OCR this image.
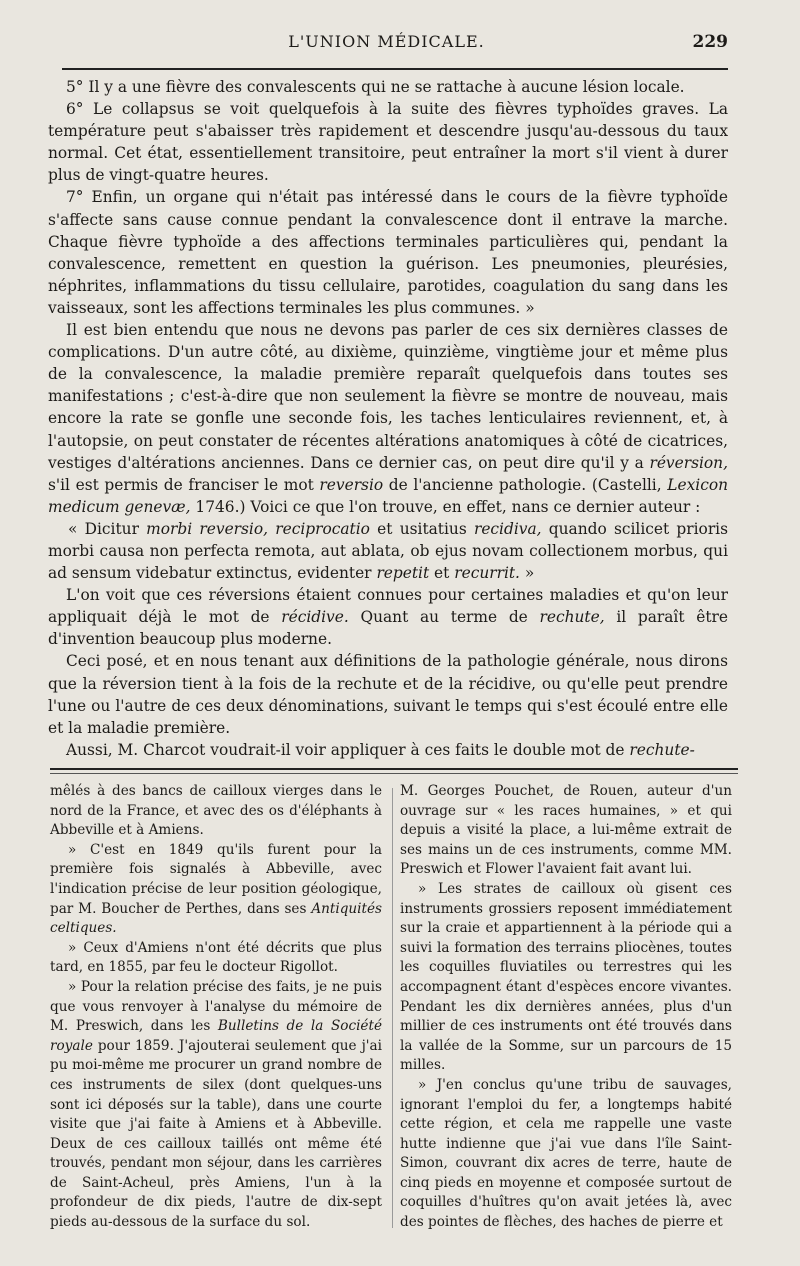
L'UNION MÉDICALE.	229

5° Il y a une fièvre des convalescents qui ne se rattache à aucune lésion locale.

6° Le collapsus se voit quelquefois à la suite des fièvres typhoïdes graves. La température peut s'abaisser très rapidement et descendre jusqu'au-dessous du taux normal. Cet état, essentiellement transitoire, peut entraîner la mort s'il vient à durer plus de vingt-quatre heures.

7° Enfin, un organe qui n'était pas intéressé dans le cours de la fièvre typhoïde s'affecte sans cause connue pendant la convalescence dont il entrave la marche. Chaque fièvre typhoïde a des affections terminales particulières qui, pendant la convalescence, remettent en question la guérison. Les pneumonies, pleurésies, néphrites, inflammations du tissu cellulaire, parotides, coagulation du sang dans les vaisseaux, sont les affections terminales les plus communes. »

Il est bien entendu que nous ne devons pas parler de ces six dernières classes de complications. D'un autre côté, au dixième, quinzième, vingtième jour et même plus de la convalescence, la maladie première reparaît quelquefois dans toutes ses manifestations ; c'est-à-dire que non seulement la fièvre se montre de nouveau, mais encore la rate se gonfle une seconde fois, les taches lenticulaires reviennent, et, à l'autopsie, on peut constater de récentes altérations anatomiques à côté de cicatrices, vestiges d'altérations anciennes. Dans ce dernier cas, on peut dire qu'il y a réversion, s'il est permis de franciser le mot reversio de l'ancienne pathologie. (Castelli, Lexicon medicum genevæ, 1746.) Voici ce que l'on trouve, en effet, nans ce dernier auteur :

« Dicitur morbi reversio, reciprocatio et usitatius recidiva, quando scilicet prioris morbi causa non perfecta remota, aut ablata, ob ejus novam collectionem morbus, qui ad sensum videbatur extinctus, evidenter repetit et recurrit. »

L'on voit que ces réversions étaient connues pour certaines maladies et qu'on leur appliquait déjà le mot de récidive. Quant au terme de rechute, il paraît être d'invention beaucoup plus moderne.

Ceci posé, et en nous tenant aux définitions de la pathologie générale, nous dirons que la réversion tient à la fois de la rechute et de la récidive, ou qu'elle peut prendre l'une ou l'autre de ces deux dénominations, suivant le temps qui s'est écoulé entre elle et la maladie première.

Aussi, M. Charcot voudrait-il voir appliquer à ces faits le double mot de rechute-

mêlés à des bancs de cailloux vierges dans le nord de la France, et avec des os d'éléphants à Abbeville et à Amiens.

» C'est en 1849 qu'ils furent pour la première fois signalés à Abbeville, avec l'indication précise de leur position géologique, par M. Boucher de Perthes, dans ses Antiquités celtiques.

» Ceux d'Amiens n'ont été décrits que plus tard, en 1855, par feu le docteur Rigollot.

» Pour la relation précise des faits, je ne puis que vous renvoyer à l'analyse du mémoire de M. Preswich, dans les Bulletins de la Société royale pour 1859. J'ajouterai seulement que j'ai pu moi-même me procurer un grand nombre de ces instruments de silex (dont quelques-uns sont ici déposés sur la table), dans une courte visite que j'ai faite à Amiens et à Abbeville. Deux de ces cailloux taillés ont même été trouvés, pendant mon séjour, dans les carrières de Saint-Acheul, près Amiens, l'un à la profondeur de dix pieds, l'autre de dix-sept pieds au-dessous de la surface du sol.

M. Georges Pouchet, de Rouen, auteur d'un ouvrage sur « les races humaines, » et qui depuis a visité la place, a lui-même extrait de ses mains un de ces instruments, comme MM. Preswich et Flower l'avaient fait avant lui.

» Les strates de cailloux où gisent ces instruments grossiers reposent immédiatement sur la craie et appartiennent à la période qui a suivi la formation des terrains pliocènes, toutes les coquilles fluviatiles ou terrestres qui les accompagnent étant d'espèces encore vivantes. Pendant les dix dernières années, plus d'un millier de ces instruments ont été trouvés dans la vallée de la Somme, sur un parcours de 15 milles.

» J'en conclus qu'une tribu de sauvages, ignorant l'emploi du fer, a longtemps habité cette région, et cela me rappelle une vaste hutte indienne que j'ai vue dans l'île Saint-Simon, couvrant dix acres de terre, haute de cinq pieds en moyenne et composée surtout de coquilles d'huîtres qu'on avait jetées là, avec des pointes de flèches, des haches de pierre et
